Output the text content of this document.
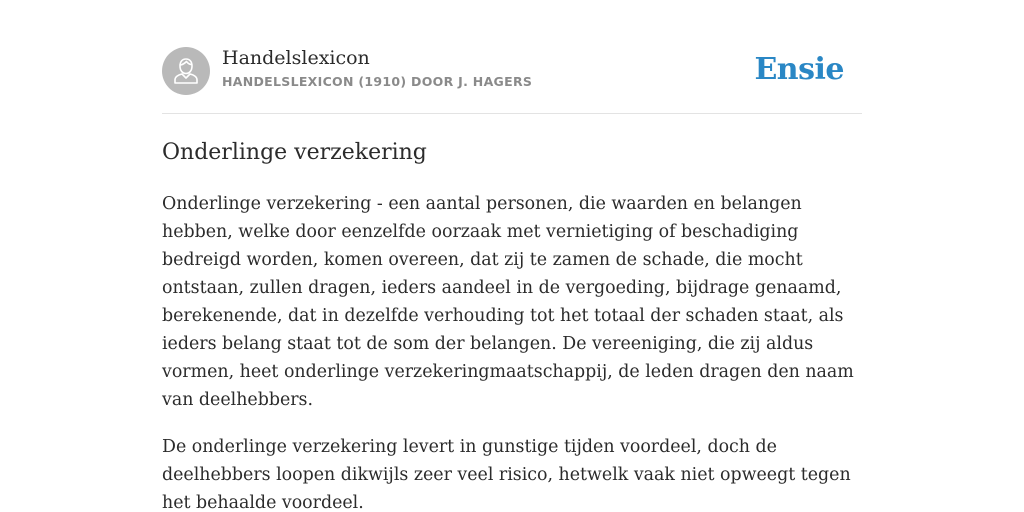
Handelslexicon
HANDELSLEXICON (1910) DOOR J. HAGERS	Ensie
Onderlinge verzekering

Onderlinge verzekering - een aantal personen, die waarden en belangen hebben, welke door eenzelfde oorzaak met vernietiging of beschadiging bedreigd worden, komen overeen, dat zij te zamen de schade, die mocht ontstaan, zullen dragen, ieders aandeel in de vergoeding, bijdrage genaamd, berekenende, dat in dezelfde verhouding tot het totaal der schaden staat, als ieders belang staat tot de som der belangen. De vereeniging, die zij aldus vormen, heet onderlinge verzekeringmaatschappij, de leden dragen den naam van deelhebbers.

De onderlinge verzekering levert in gunstige tijden voordeel, doch de deelhebbers loopen dikwijls zeer veel risico, hetwelk vaak niet opweegt tegen het behaalde voordeel.
